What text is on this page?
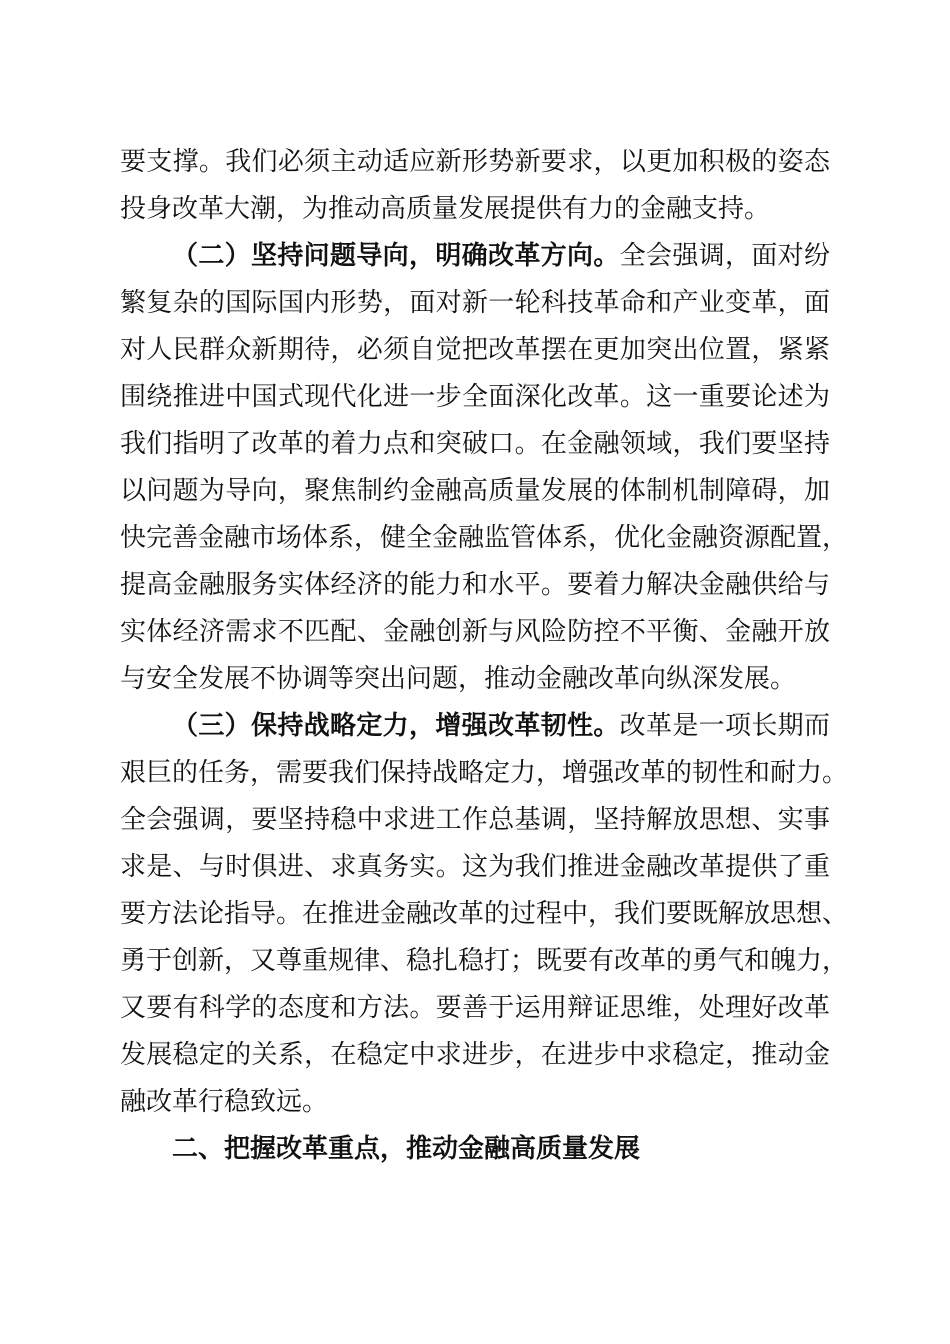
要支撑。我们必须主动适应新形势新要求，以更加积极的姿态
投身改革大潮，为推动高质量发展提供有力的金融支持。
（二）坚持问题导向，明确改革方向。全会强调，面对纷
繁复杂的国际国内形势，面对新一轮科技革命和产业变革，面
对人民群众新期待，必须自觉把改革摆在更加突出位置，紧紧
围绕推进中国式现代化进一步全面深化改革。这一重要论述为
我们指明了改革的着力点和突破口。在金融领域，我们要坚持
以问题为导向，聚焦制约金融高质量发展的体制机制障碍，加
快完善金融市场体系，健全金融监管体系，优化金融资源配置，
提高金融服务实体经济的能力和水平。要着力解决金融供给与
实体经济需求不匹配、金融创新与风险防控不平衡、金融开放
与安全发展不协调等突出问题，推动金融改革向纵深发展。
（三）保持战略定力，增强改革韧性。改革是一项长期而
艰巨的任务，需要我们保持战略定力，增强改革的韧性和耐力。
全会强调，要坚持稳中求进工作总基调，坚持解放思想、实事
求是、与时俱进、求真务实。这为我们推进金融改革提供了重
要方法论指导。在推进金融改革的过程中，我们要既解放思想、
勇于创新，又尊重规律、稳扎稳打；既要有改革的勇气和魄力，
又要有科学的态度和方法。要善于运用辩证思维，处理好改革
发展稳定的关系，在稳定中求进步，在进步中求稳定，推动金
融改革行稳致远。
二、把握改革重点，推动金融高质量发展
